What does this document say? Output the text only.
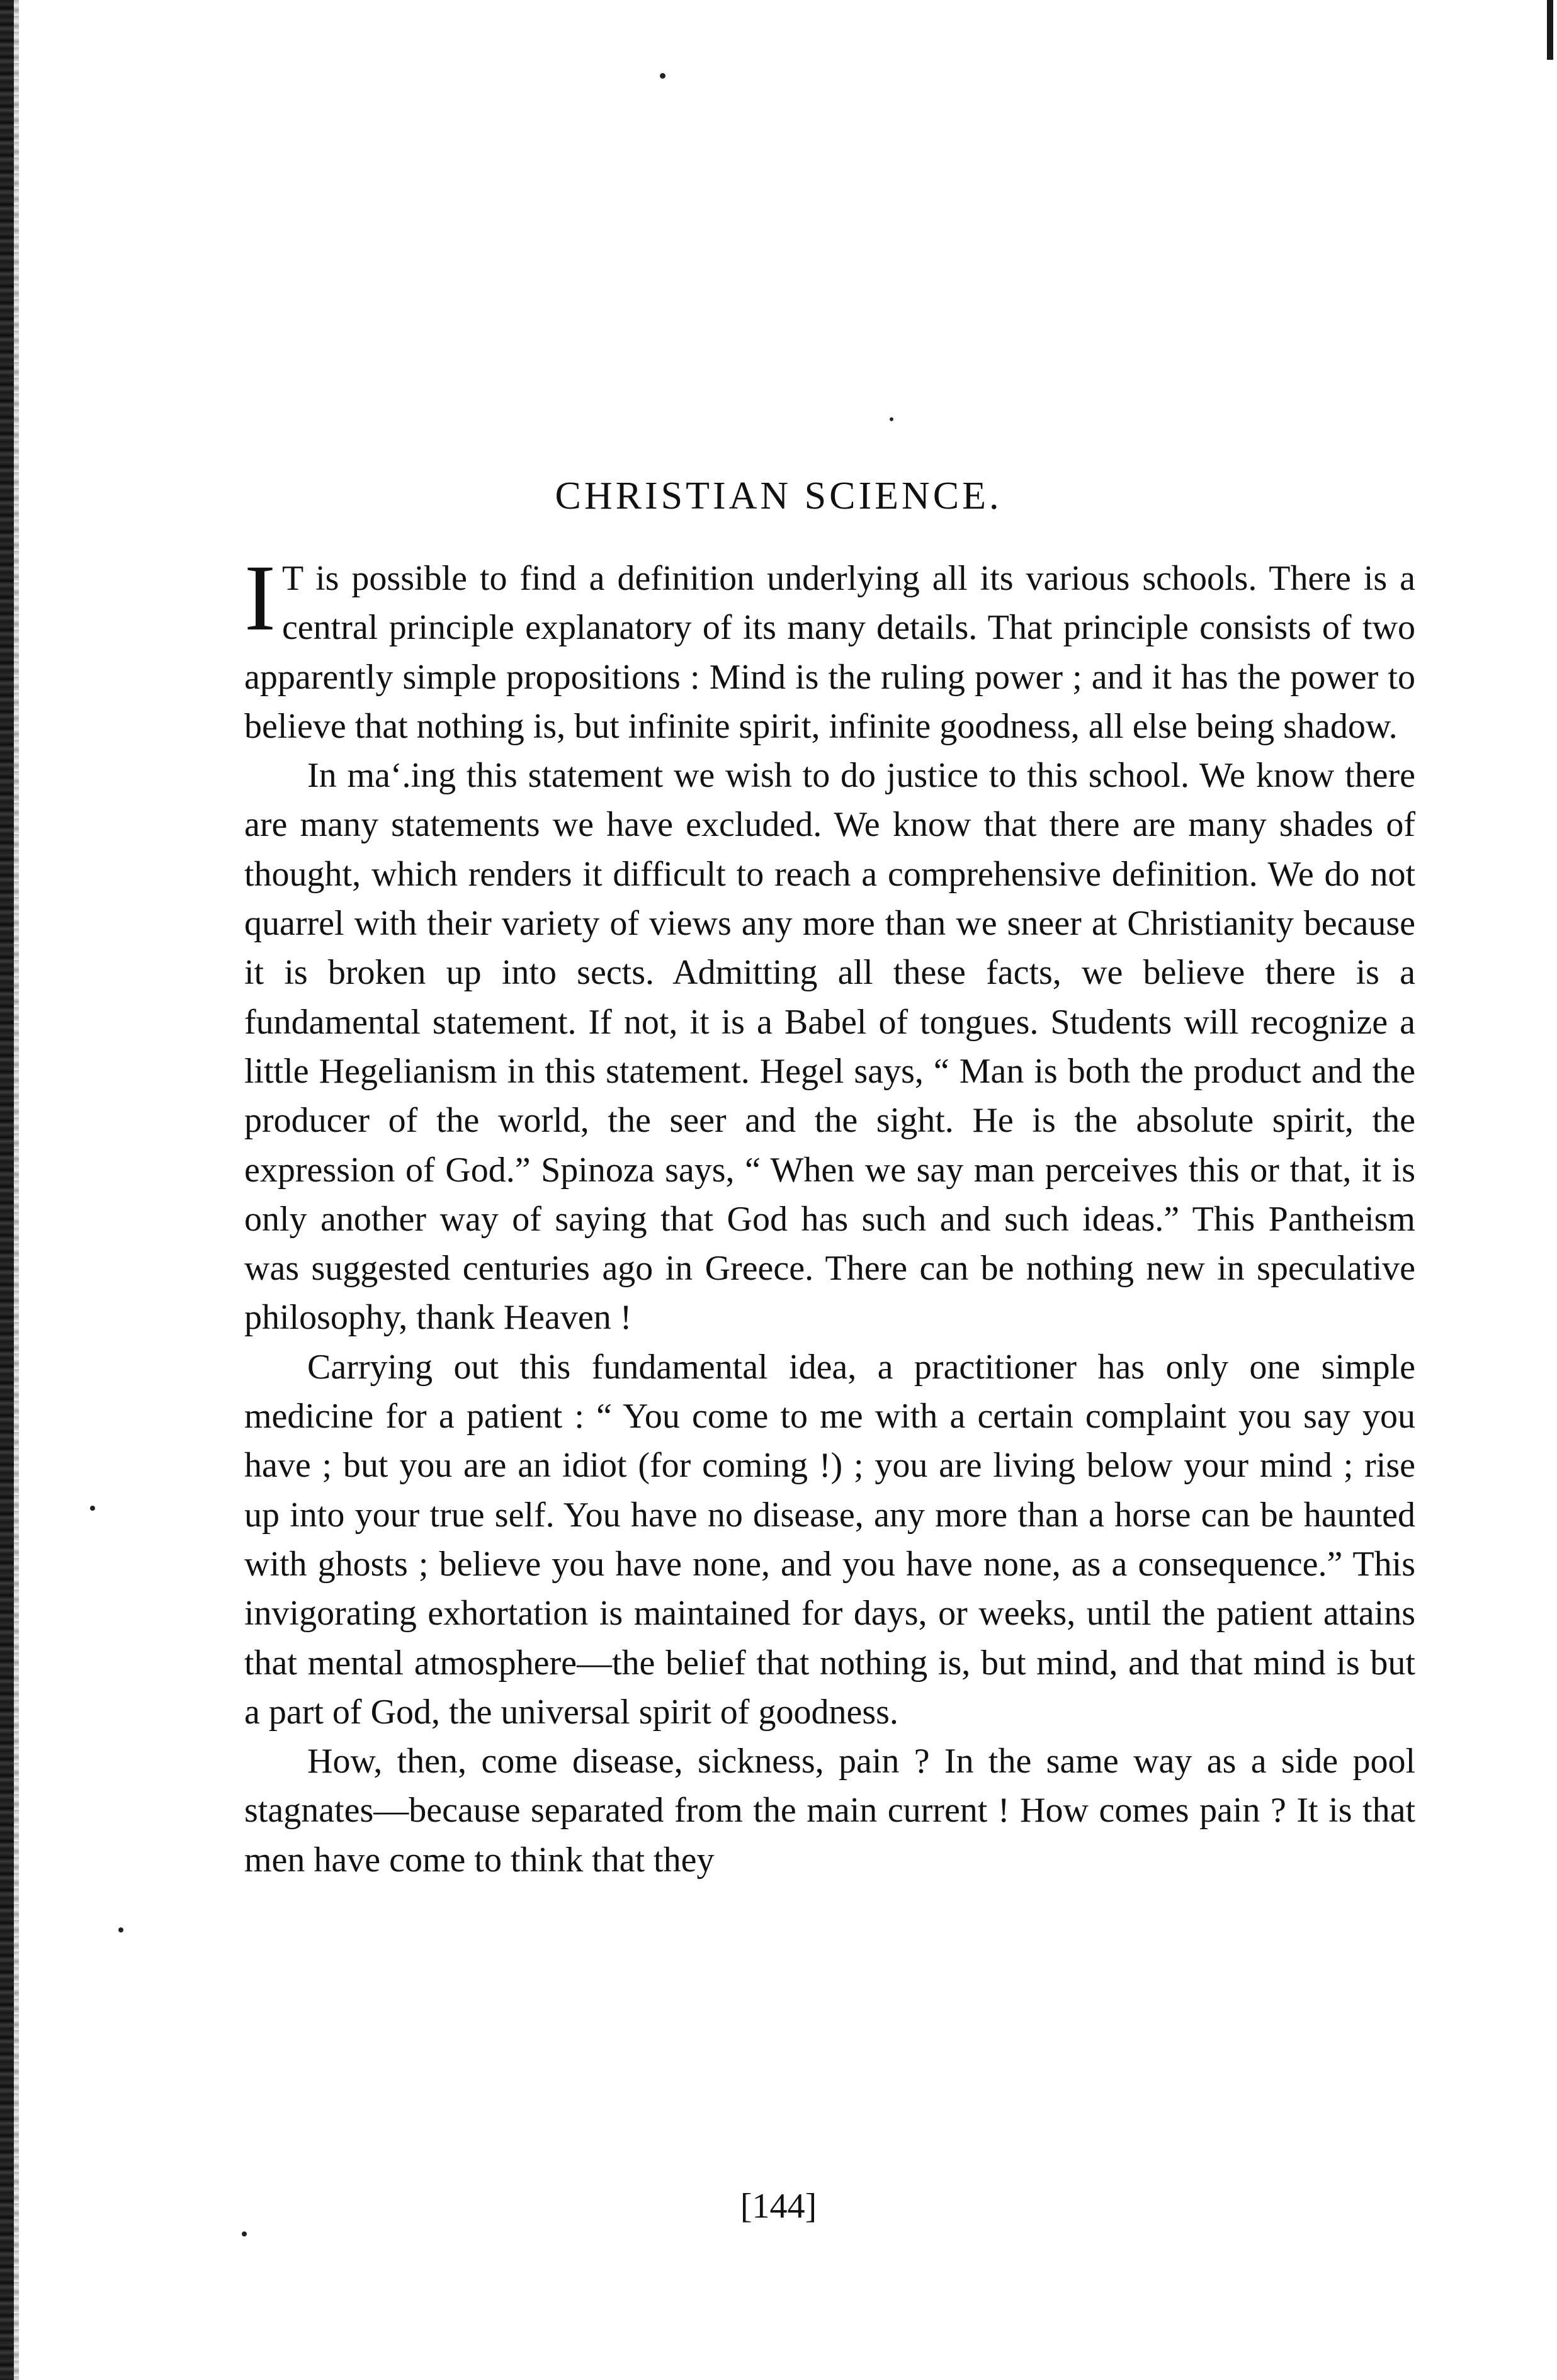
CHRISTIAN SCIENCE.

I T is possible to find a definition underlying all its various schools. There is a central principle explanatory of its many details. That principle consists of two apparently simple propositions : Mind is the ruling power ; and it has the power to believe that nothing is, but infinite spirit, infinite goodness, all else being shadow.

In maʻ.ing this statement we wish to do justice to this school. We know there are many statements we have excluded. We know that there are many shades of thought, which renders it difficult to reach a comprehensive definition. We do not quarrel with their variety of views any more than we sneer at Christianity because it is broken up into sects. Admitting all these facts, we believe there is a fundamental statement. If not, it is a Babel of tongues. Students will recognize a little Hegelianism in this statement. Hegel says, “ Man is both the product and the producer of the world, the seer and the sight. He is the absolute spirit, the expression of God.” Spinoza says, “ When we say man perceives this or that, it is only another way of saying that God has such and such ideas.” This Pantheism was suggested centuries ago in Greece. There can be nothing new in speculative philosophy, thank Heaven !

Carrying out this fundamental idea, a practitioner has only one simple medicine for a patient : “ You come to me with a certain complaint you say you have ; but you are an idiot (for coming !) ; you are living below your mind ; rise up into your true self. You have no disease, any more than a horse can be haunted with ghosts ; believe you have none, and you have none, as a consequence.” This invigorating exhortation is maintained for days, or weeks, until the patient attains that mental atmosphere—the belief that nothing is, but mind, and that mind is but a part of God, the universal spirit of goodness.

How, then, come disease, sickness, pain ? In the same way as a side pool stagnates—because separated from the main current ! How comes pain ? It is that men have come to think that they

[144]
